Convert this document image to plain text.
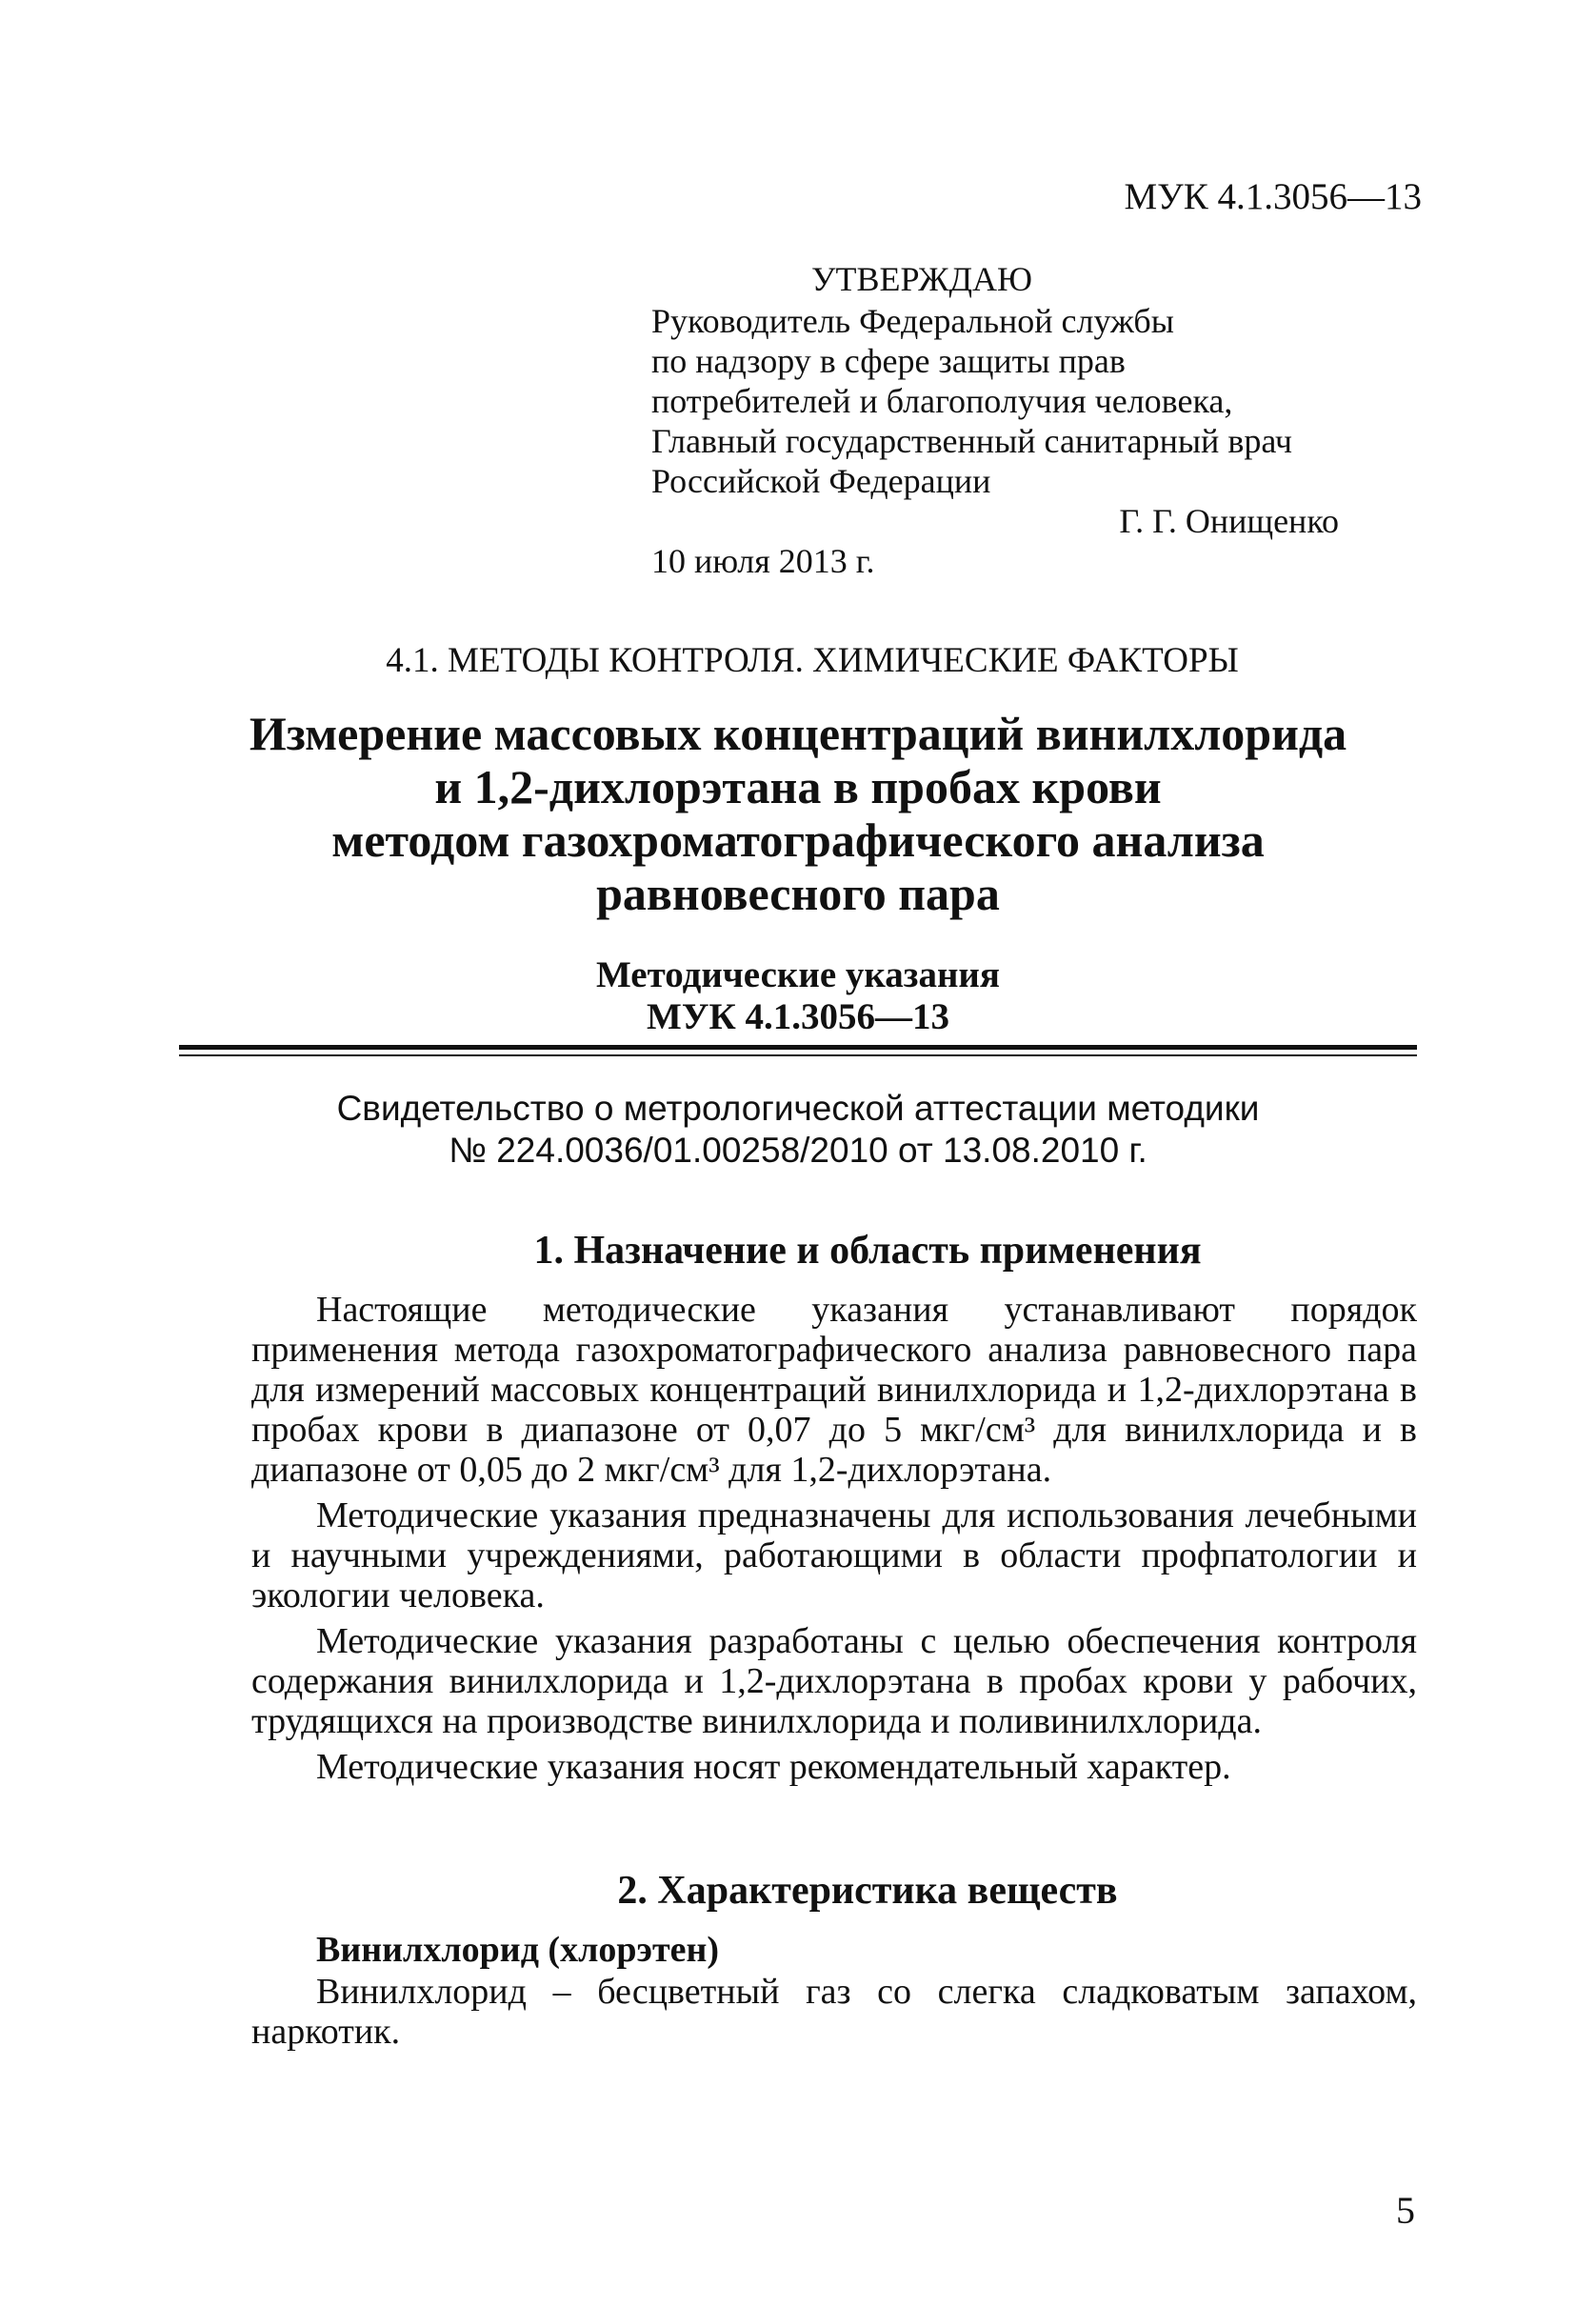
МУК 4.1.3056—13
УТВЕРЖДАЮ
Руководитель Федеральной службы
по надзору в сфере защиты прав
потребителей и благополучия человека,
Главный государственный санитарный врач
Российской Федерации
Г. Г. Онищенко
10 июля 2013 г.
4.1. МЕТОДЫ КОНТРОЛЯ. ХИМИЧЕСКИЕ ФАКТОРЫ
Измерение массовых концентраций винилхлорида
и 1,2-дихлорэтана в пробах крови
методом газохроматографического анализа
равновесного пара
Методические указания
МУК 4.1.3056—13
Свидетельство о метрологической аттестации методики
№ 224.0036/01.00258/2010 от 13.08.2010 г.
1. Назначение и область применения

Настоящие методические указания устанавливают порядок применения метода газохроматографического анализа равновесного пара для измерений массовых концентраций винилхлорида и 1,2-дихлорэтана в пробах крови в диапазоне от 0,07 до 5 мкг/см³ для винилхлорида и в диапазоне от 0,05 до 2 мкг/см³ для 1,2-дихлорэтана.

Методические указания предназначены для использования лечебными и научными учреждениями, работающими в области профпатологии и экологии человека.

Методические указания разработаны с целью обеспечения контроля содержания винилхлорида и 1,2-дихлорэтана в пробах крови у рабочих, трудящихся на производстве винилхлорида и поливинилхлорида.

Методические указания носят рекомендательный характер.

2. Характеристика веществ
Винилхлорид (хлорэтен)

Винилхлорид – бесцветный газ со слегка сладковатым запахом, наркотик.

5
